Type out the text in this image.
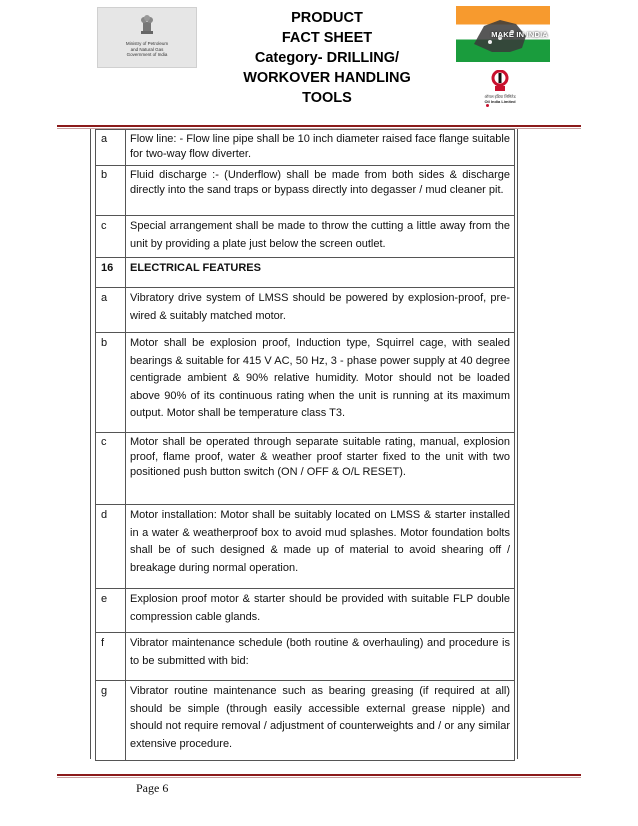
Ministry of Petroleum
and Natural Gas
Government of India
PRODUCT
FACT SHEET
Category- DRILLING/
WORKOVER HANDLING
TOOLS
MAKE IN INDIA
ऑयल इंडिया लिमिटेड
Oil India Limited
a	Flow line: - Flow line pipe shall be 10 inch diameter raised face flange suitable for two-way flow diverter.
b	Fluid discharge :- (Underflow) shall be made from both sides & discharge directly into the sand traps or bypass directly into degasser / mud cleaner pit.
c	Special arrangement shall be made to throw the cutting a little away from the unit by providing a plate just below the screen outlet.
16	ELECTRICAL FEATURES
a	Vibratory drive system of LMSS should be powered by explosion-proof, pre-wired & suitably matched motor.
b	Motor shall be explosion proof, Induction type, Squirrel cage, with sealed bearings & suitable for 415 V AC, 50 Hz, 3 - phase power supply at 40 degree centigrade ambient & 90% relative humidity. Motor should not be loaded above 90% of its continuous rating when the unit is running at its maximum output. Motor shall be temperature class T3.
c	Motor shall be operated through separate suitable rating, manual, explosion proof, flame proof, water & weather proof starter fixed to the unit with two positioned push button switch (ON / OFF & O/L RESET).
d	Motor installation: Motor shall be suitably located on LMSS & starter installed in a water & weatherproof box to avoid mud splashes. Motor foundation bolts shall be of such designed & made up of material to avoid shearing off / breakage during normal operation.
e	Explosion proof motor & starter should be provided with suitable FLP double compression cable glands.
f	Vibrator maintenance schedule (both routine & overhauling) and procedure is to be submitted with bid:
g	Vibrator routine maintenance such as bearing greasing (if required at all) should be simple (through easily accessible external grease nipple) and should not require removal / adjustment of counterweights and / or any similar extensive procedure.
Page 6
